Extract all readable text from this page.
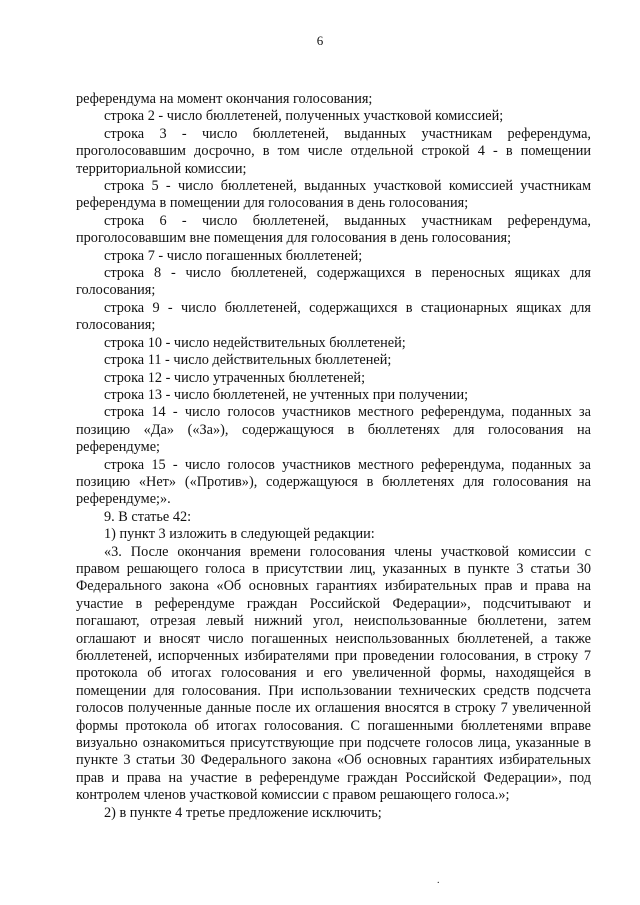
6

референдума на момент окончания голосования;

строка 2 - число бюллетеней, полученных участковой комиссией;

строка 3 - число бюллетеней, выданных участникам референдума, проголосовавшим досрочно, в том числе отдельной строкой 4 - в помещении территориальной комиссии;

строка 5 - число бюллетеней, выданных участковой комиссией участникам референдума в помещении для голосования в день голосования;

строка 6 - число бюллетеней, выданных участникам референдума, проголосовавшим вне помещения для голосования в день голосования;

строка 7 - число погашенных бюллетеней;

строка 8 - число бюллетеней, содержащихся в переносных ящиках для голосования;

строка 9 - число бюллетеней, содержащихся в стационарных ящиках для голосования;

строка 10 - число недействительных бюллетеней;

строка 11 - число действительных бюллетеней;

строка 12 - число утраченных бюллетеней;

строка 13 - число бюллетеней, не учтенных при получении;

строка 14 - число голосов участников местного референдума, поданных за позицию «Да» («За»), содержащуюся в бюллетенях для голосования на референдуме;

строка 15 - число голосов участников местного референдума, поданных за позицию «Нет» («Против»), содержащуюся в бюллетенях для голосования на референдуме;».

9. В статье 42:

1) пункт 3 изложить в следующей редакции:

«3. После окончания времени голосования члены участковой комиссии с правом решающего голоса в присутствии лиц, указанных в пункте 3 статьи 30 Федерального закона «Об основных гарантиях избирательных прав и права на участие в референдуме граждан Российской Федерации», подсчитывают и погашают, отрезая левый нижний угол, неиспользованные бюллетени, затем оглашают и вносят число погашенных неиспользованных бюллетеней, а также бюллетеней, испорченных избирателями при проведении голосования, в строку 7 протокола об итогах голосования и его увеличенной формы, находящейся в помещении для голосования. При использовании технических средств подсчета голосов полученные данные после их оглашения вносятся в строку 7 увеличенной формы протокола об итогах голосования. С погашенными бюллетенями вправе визуально ознакомиться присутствующие при подсчете голосов лица, указанные в пункте 3 статьи 30 Федерального закона «Об основных гарантиях избирательных прав и права на участие в референдуме граждан Российской Федерации», под контролем членов участковой комиссии с правом решающего голоса.»;

2) в пункте 4 третье предложение исключить;

.
